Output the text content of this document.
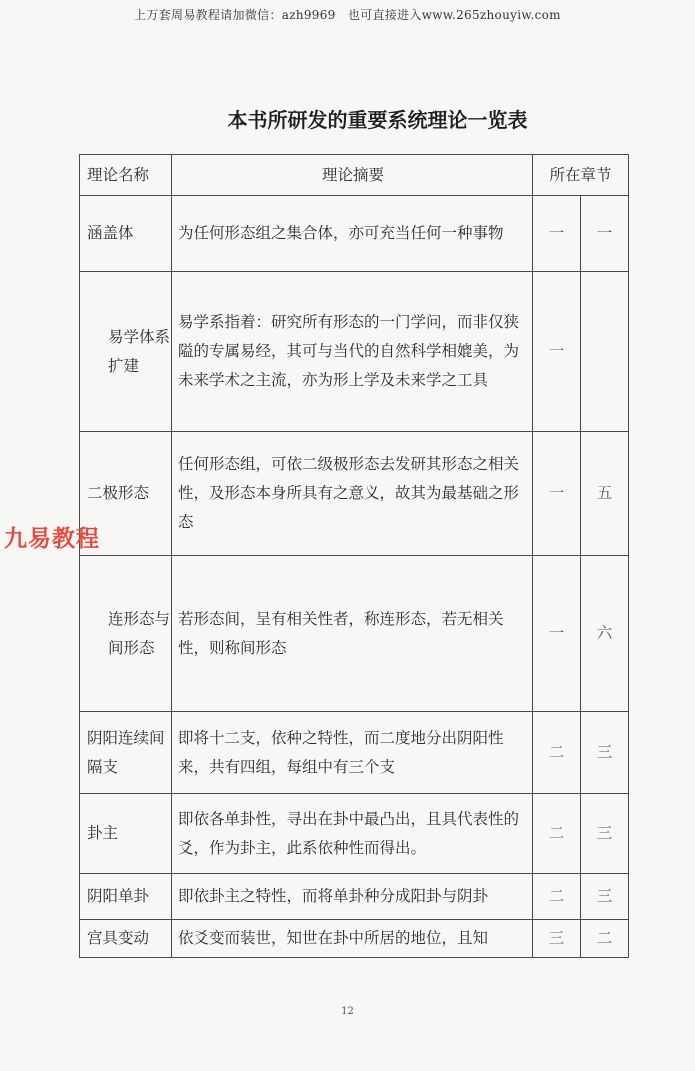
上万套周易教程请加微信：azh9969　也可直接进入www.265zhouyiw.com
本书所研发的重要系统理论一览表
理论名称	理论摘要	所在章节	
涵盖体	为任何形态组之集合体，亦可充当任何一种事物	一	一
易学体系扩建	易学系指着：研究所有形态的一门学问，而非仅狭隘的专属易经，其可与当代的自然科学相媲美，为未来学术之主流，亦为形上学及未来学之工具	一	
二极形态	任何形态组，可依二级极形态去发研其形态之相关性，及形态本身所具有之意义，故其为最基础之形态	一	五
连形态与间形态	若形态间，呈有相关性者，称连形态，若无相关性，则称间形态	一	六
阴阳连续间隔支	即将十二支，依种之特性，而二度地分出阴阳性来，共有四组，每组中有三个支	二	三
卦主	即依各单卦性，寻出在卦中最凸出，且具代表性的爻，作为卦主，此系依种性而得出。	二	三
阴阳单卦	即依卦主之特性，而将单卦种分成阳卦与阴卦	二	三
宫具变动	依爻变而装世，知世在卦中所居的地位，且知	三	二
九易教程
12
